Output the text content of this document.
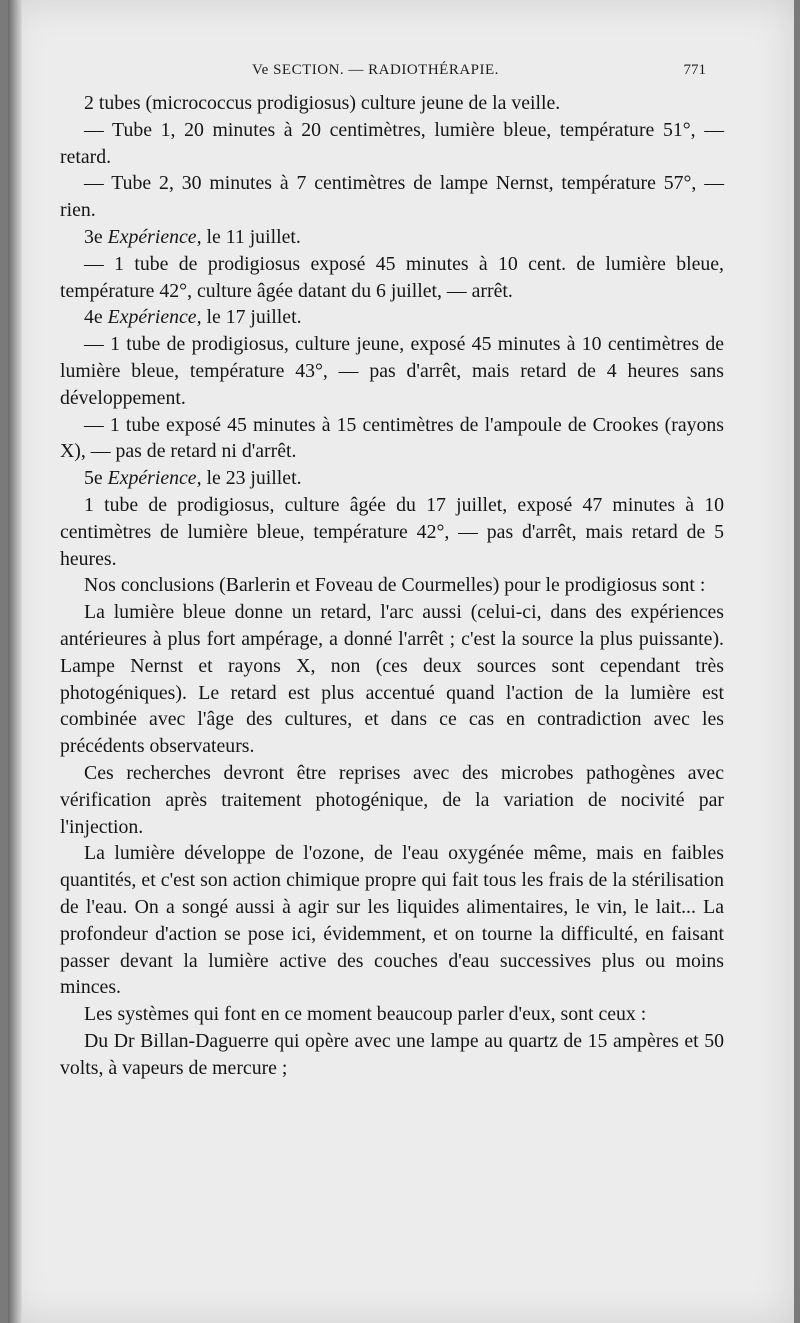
Ve SECTION. — RADIOTHÉRAPIE.	771

2 tubes (micrococcus prodigiosus) culture jeune de la veille.

— Tube 1, 20 minutes à 20 centimètres, lumière bleue, température 51°, — retard.

— Tube 2, 30 minutes à 7 centimètres de lampe Nernst, température 57°, — rien.

3e Expérience, le 11 juillet.

— 1 tube de prodigiosus exposé 45 minutes à 10 cent. de lumière bleue, température 42°, culture âgée datant du 6 juillet, — arrêt.

4e Expérience, le 17 juillet.

— 1 tube de prodigiosus, culture jeune, exposé 45 minutes à 10 centimètres de lumière bleue, température 43°, — pas d'arrêt, mais retard de 4 heures sans développement.

— 1 tube exposé 45 minutes à 15 centimètres de l'ampoule de Crookes (rayons X), — pas de retard ni d'arrêt.

5e Expérience, le 23 juillet.

1 tube de prodigiosus, culture âgée du 17 juillet, exposé 47 minutes à 10 centimètres de lumière bleue, température 42°, — pas d'arrêt, mais retard de 5 heures.

Nos conclusions (Barlerin et Foveau de Courmelles) pour le prodigiosus sont :

La lumière bleue donne un retard, l'arc aussi (celui-ci, dans des expériences antérieures à plus fort ampérage, a donné l'arrêt ; c'est la source la plus puissante). Lampe Nernst et rayons X, non (ces deux sources sont cependant très photogéniques). Le retard est plus accentué quand l'action de la lumière est combinée avec l'âge des cultures, et dans ce cas en contradiction avec les précédents observateurs.

Ces recherches devront être reprises avec des microbes pathogènes avec vérification après traitement photogénique, de la variation de nocivité par l'injection.

La lumière développe de l'ozone, de l'eau oxygénée même, mais en faibles quantités, et c'est son action chimique propre qui fait tous les frais de la stérilisation de l'eau. On a songé aussi à agir sur les liquides alimentaires, le vin, le lait... La profondeur d'action se pose ici, évidemment, et on tourne la difficulté, en faisant passer devant la lumière active des couches d'eau successives plus ou moins minces.

Les systèmes qui font en ce moment beaucoup parler d'eux, sont ceux :

Du Dr Billan-Daguerre qui opère avec une lampe au quartz de 15 ampères et 50 volts, à vapeurs de mercure ;
